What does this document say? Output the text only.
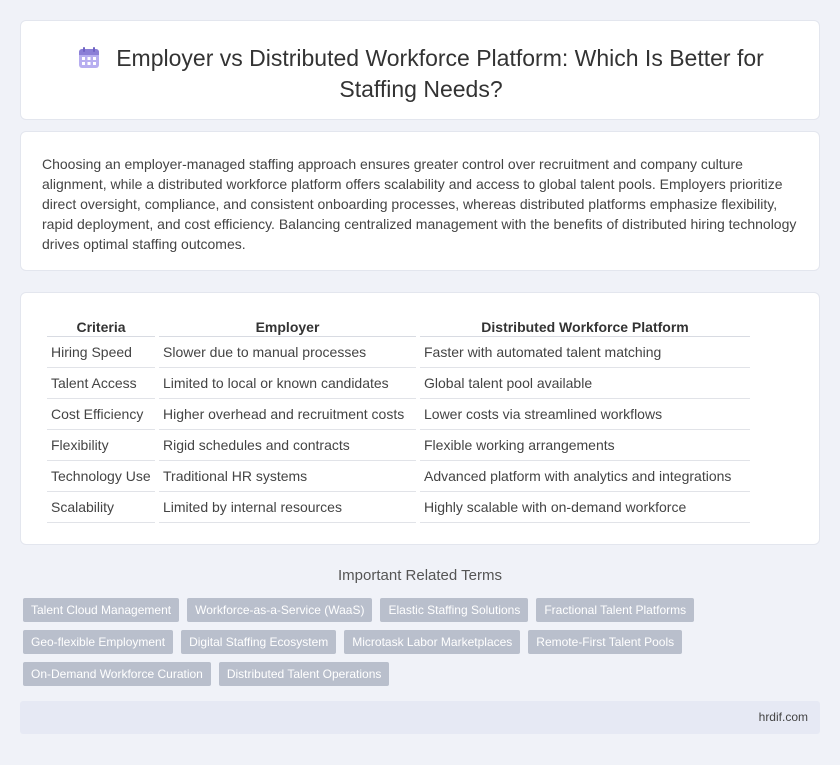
Employer vs Distributed Workforce Platform: Which Is Better for Staffing Needs?

Choosing an employer-managed staffing approach ensures greater control over recruitment and company culture alignment, while a distributed workforce platform offers scalability and access to global talent pools. Employers prioritize direct oversight, compliance, and consistent onboarding processes, whereas distributed platforms emphasize flexibility, rapid deployment, and cost efficiency. Balancing centralized management with the benefits of distributed hiring technology drives optimal staffing outcomes.

Criteria	Employer	Distributed Workforce Platform
Hiring Speed	Slower due to manual processes	Faster with automated talent matching
Talent Access	Limited to local or known candidates	Global talent pool available
Cost Efficiency	Higher overhead and recruitment costs	Lower costs via streamlined workflows
Flexibility	Rigid schedules and contracts	Flexible working arrangements
Technology Use	Traditional HR systems	Advanced platform with analytics and integrations
Scalability	Limited by internal resources	Highly scalable with on-demand workforce
Important Related Terms
Talent Cloud Management	Workforce-as-a-Service (WaaS)	Elastic Staffing Solutions	Fractional Talent Platforms
Geo-flexible Employment	Digital Staffing Ecosystem	Microtask Labor Marketplaces	Remote-First Talent Pools
On-Demand Workforce Curation	Distributed Talent Operations
hrdif.com
